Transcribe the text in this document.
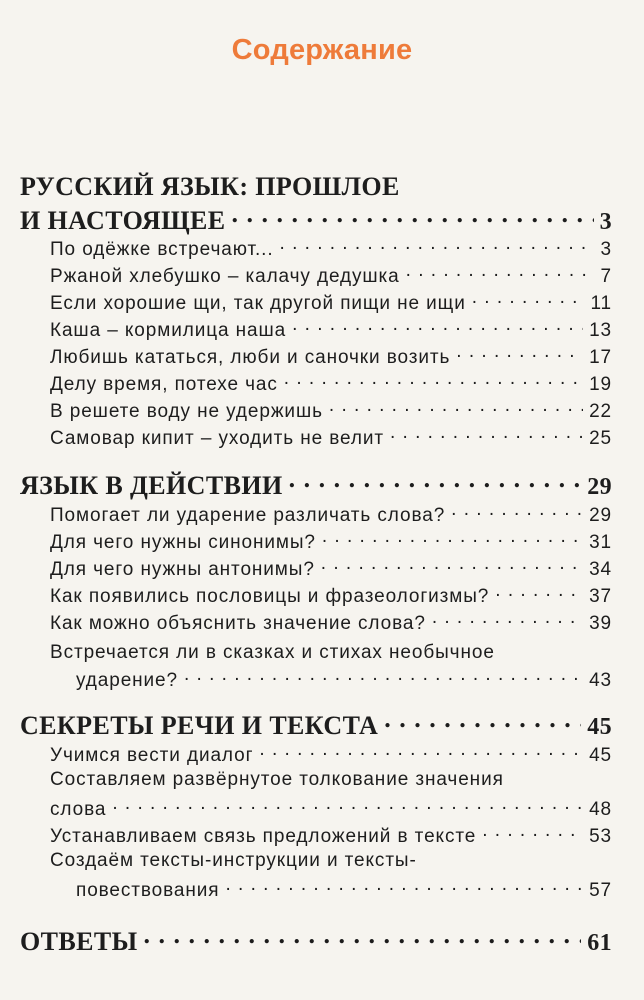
Содержание
РУССКИЙ ЯЗЫК: ПРОШЛОЕ
И НАСТОЯЩЕЕ . . .	3
По одёжке встречают... . . .	3
Ржаной хлебушко – калачу дедушка . . .	7
Если хорошие щи, так другой пищи не ищи . . .	11
Каша – кормилица наша . . .	13
Любишь кататься, люби и саночки возить . . .	17
Делу время, потехе час . . .	19
В решете воду не удержишь . . .	22
Самовар кипит – уходить не велит . . .	25
ЯЗЫК В ДЕЙСТВИИ . . .	29
Помогает ли ударение различать слова? . . .	29
Для чего нужны синонимы? . . .	31
Для чего нужны антонимы? . . .	34
Как появились пословицы и фразеологизмы? . . .	37
Как можно объяснить значение слова? . . .	39
Встречается ли в сказках и стихах необычное
ударение? . . .	43
СЕКРЕТЫ РЕЧИ И ТЕКСТА . . .	45
Учимся вести диалог . . .	45
Составляем развёрнутое толкование значения
слова . . .	48
Устанавливаем связь предложений в тексте . . .	53
Создаём тексты-инструкции и тексты-
повествования . . .	57
ОТВЕТЫ . . .	61
